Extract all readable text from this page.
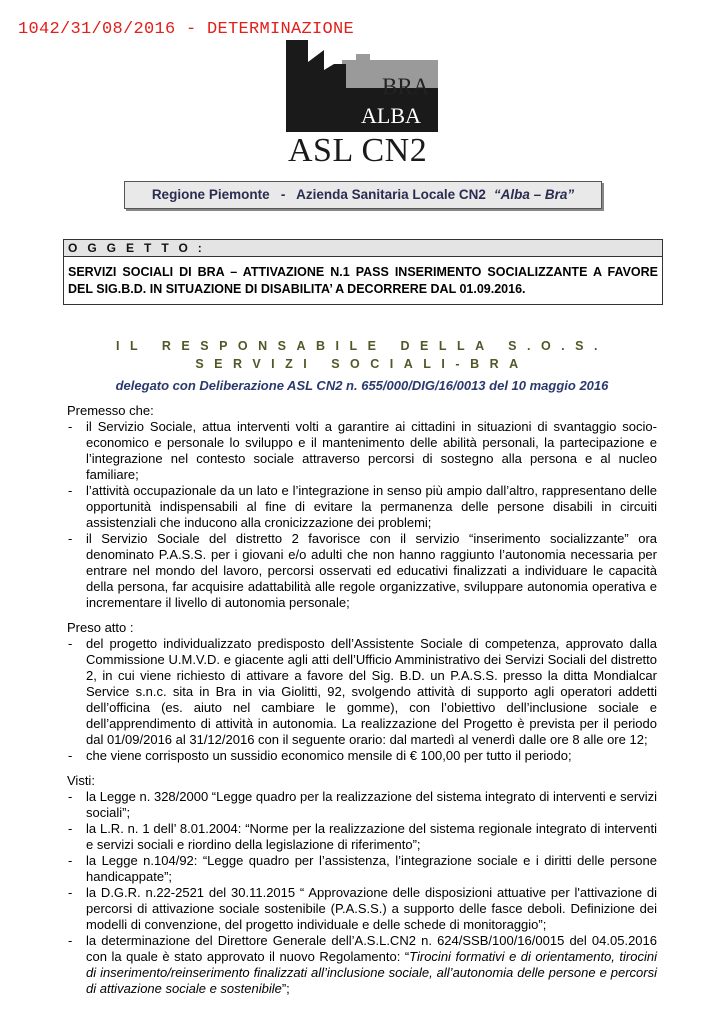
1042/31/08/2016 - DETERMINAZIONE
BRA
ALBA
ASL CN2
Regione Piemonte   -   Azienda Sanitaria Locale CN2 “Alba – Bra”
OGGETTO:
SERVIZI SOCIALI DI BRA – ATTIVAZIONE N.1 PASS INSERIMENTO SOCIALIZZANTE A FAVORE DEL SIG.B.D. IN SITUAZIONE DI DISABILITA’ A DECORRERE DAL 01.09.2016.
IL RESPONSABILE DELLA S.O.S.
SERVIZI SOCIALI-BRA
delegato con Deliberazione ASL CN2 n. 655/000/DIG/16/0013 del 10 maggio 2016

Premesso che:

- il Servizio Sociale, attua interventi volti a garantire ai cittadini in situazioni di svantaggio socio-economico e personale lo sviluppo e il mantenimento delle abilità personali, la partecipazione e l’integrazione nel contesto sociale attraverso percorsi di sostegno alla persona e al nucleo familiare;
- l’attività occupazionale da un lato e l’integrazione in senso più ampio dall’altro, rappresentano delle opportunità indispensabili al fine di evitare la permanenza delle persone disabili in circuiti assistenziali che inducono alla cronicizzazione dei problemi;
- il Servizio Sociale del distretto 2 favorisce con il servizio “inserimento socializzante” ora denominato P.A.S.S. per i giovani e/o adulti che non hanno raggiunto l’autonomia necessaria per entrare nel mondo del lavoro, percorsi osservati ed educativi finalizzati a individuare le capacità della persona, far acquisire adattabilità alle regole organizzative, sviluppare autonomia operativa e incrementare il livello di autonomia personale;

Preso atto :

- del progetto individualizzato predisposto dell’Assistente Sociale di competenza, approvato dalla Commissione U.M.V.D. e giacente agli atti dell’Ufficio Amministrativo dei Servizi Sociali del distretto 2, in cui viene richiesto di attivare a favore del Sig. B.D. un P.A.S.S. presso la ditta Mondialcar Service s.n.c. sita in Bra in via Giolitti, 92, svolgendo attività di supporto agli operatori addetti dell’officina (es. aiuto nel cambiare le gomme), con l’obiettivo dell’inclusione sociale e dell’apprendimento di attività in autonomia. La realizzazione del Progetto è prevista per il periodo dal 01/09/2016 al 31/12/2016 con il seguente orario: dal martedì al venerdì dalle ore 8 alle ore 12;
- che viene corrisposto un sussidio economico mensile di € 100,00 per tutto il periodo;

Visti:

- la Legge n. 328/2000 “Legge quadro per la realizzazione del sistema integrato di interventi e servizi sociali”;
- la L.R. n. 1 dell’ 8.01.2004: “Norme per la realizzazione del sistema regionale integrato di interventi e servizi sociali e riordino della legislazione di riferimento”;
- la Legge n.104/92: “Legge quadro per l’assistenza, l’integrazione sociale e i diritti delle persone handicappate”;
- la D.G.R. n.22-2521 del 30.11.2015 “ Approvazione delle disposizioni attuative per l'attivazione di percorsi di attivazione sociale sostenibile (P.A.S.S.) a supporto delle fasce deboli. Definizione dei modelli di convenzione, del progetto individuale e delle schede di monitoraggio”;
- la determinazione del Direttore Generale dell’A.S.L.CN2 n. 624/SSB/100/16/0015 del 04.05.2016 con la quale è stato approvato il nuovo Regolamento: “Tirocini formativi e di orientamento, tirocini di inserimento/reinserimento finalizzati all’inclusione sociale, all’autonomia delle persone e percorsi di attivazione sociale e sostenibile”;
